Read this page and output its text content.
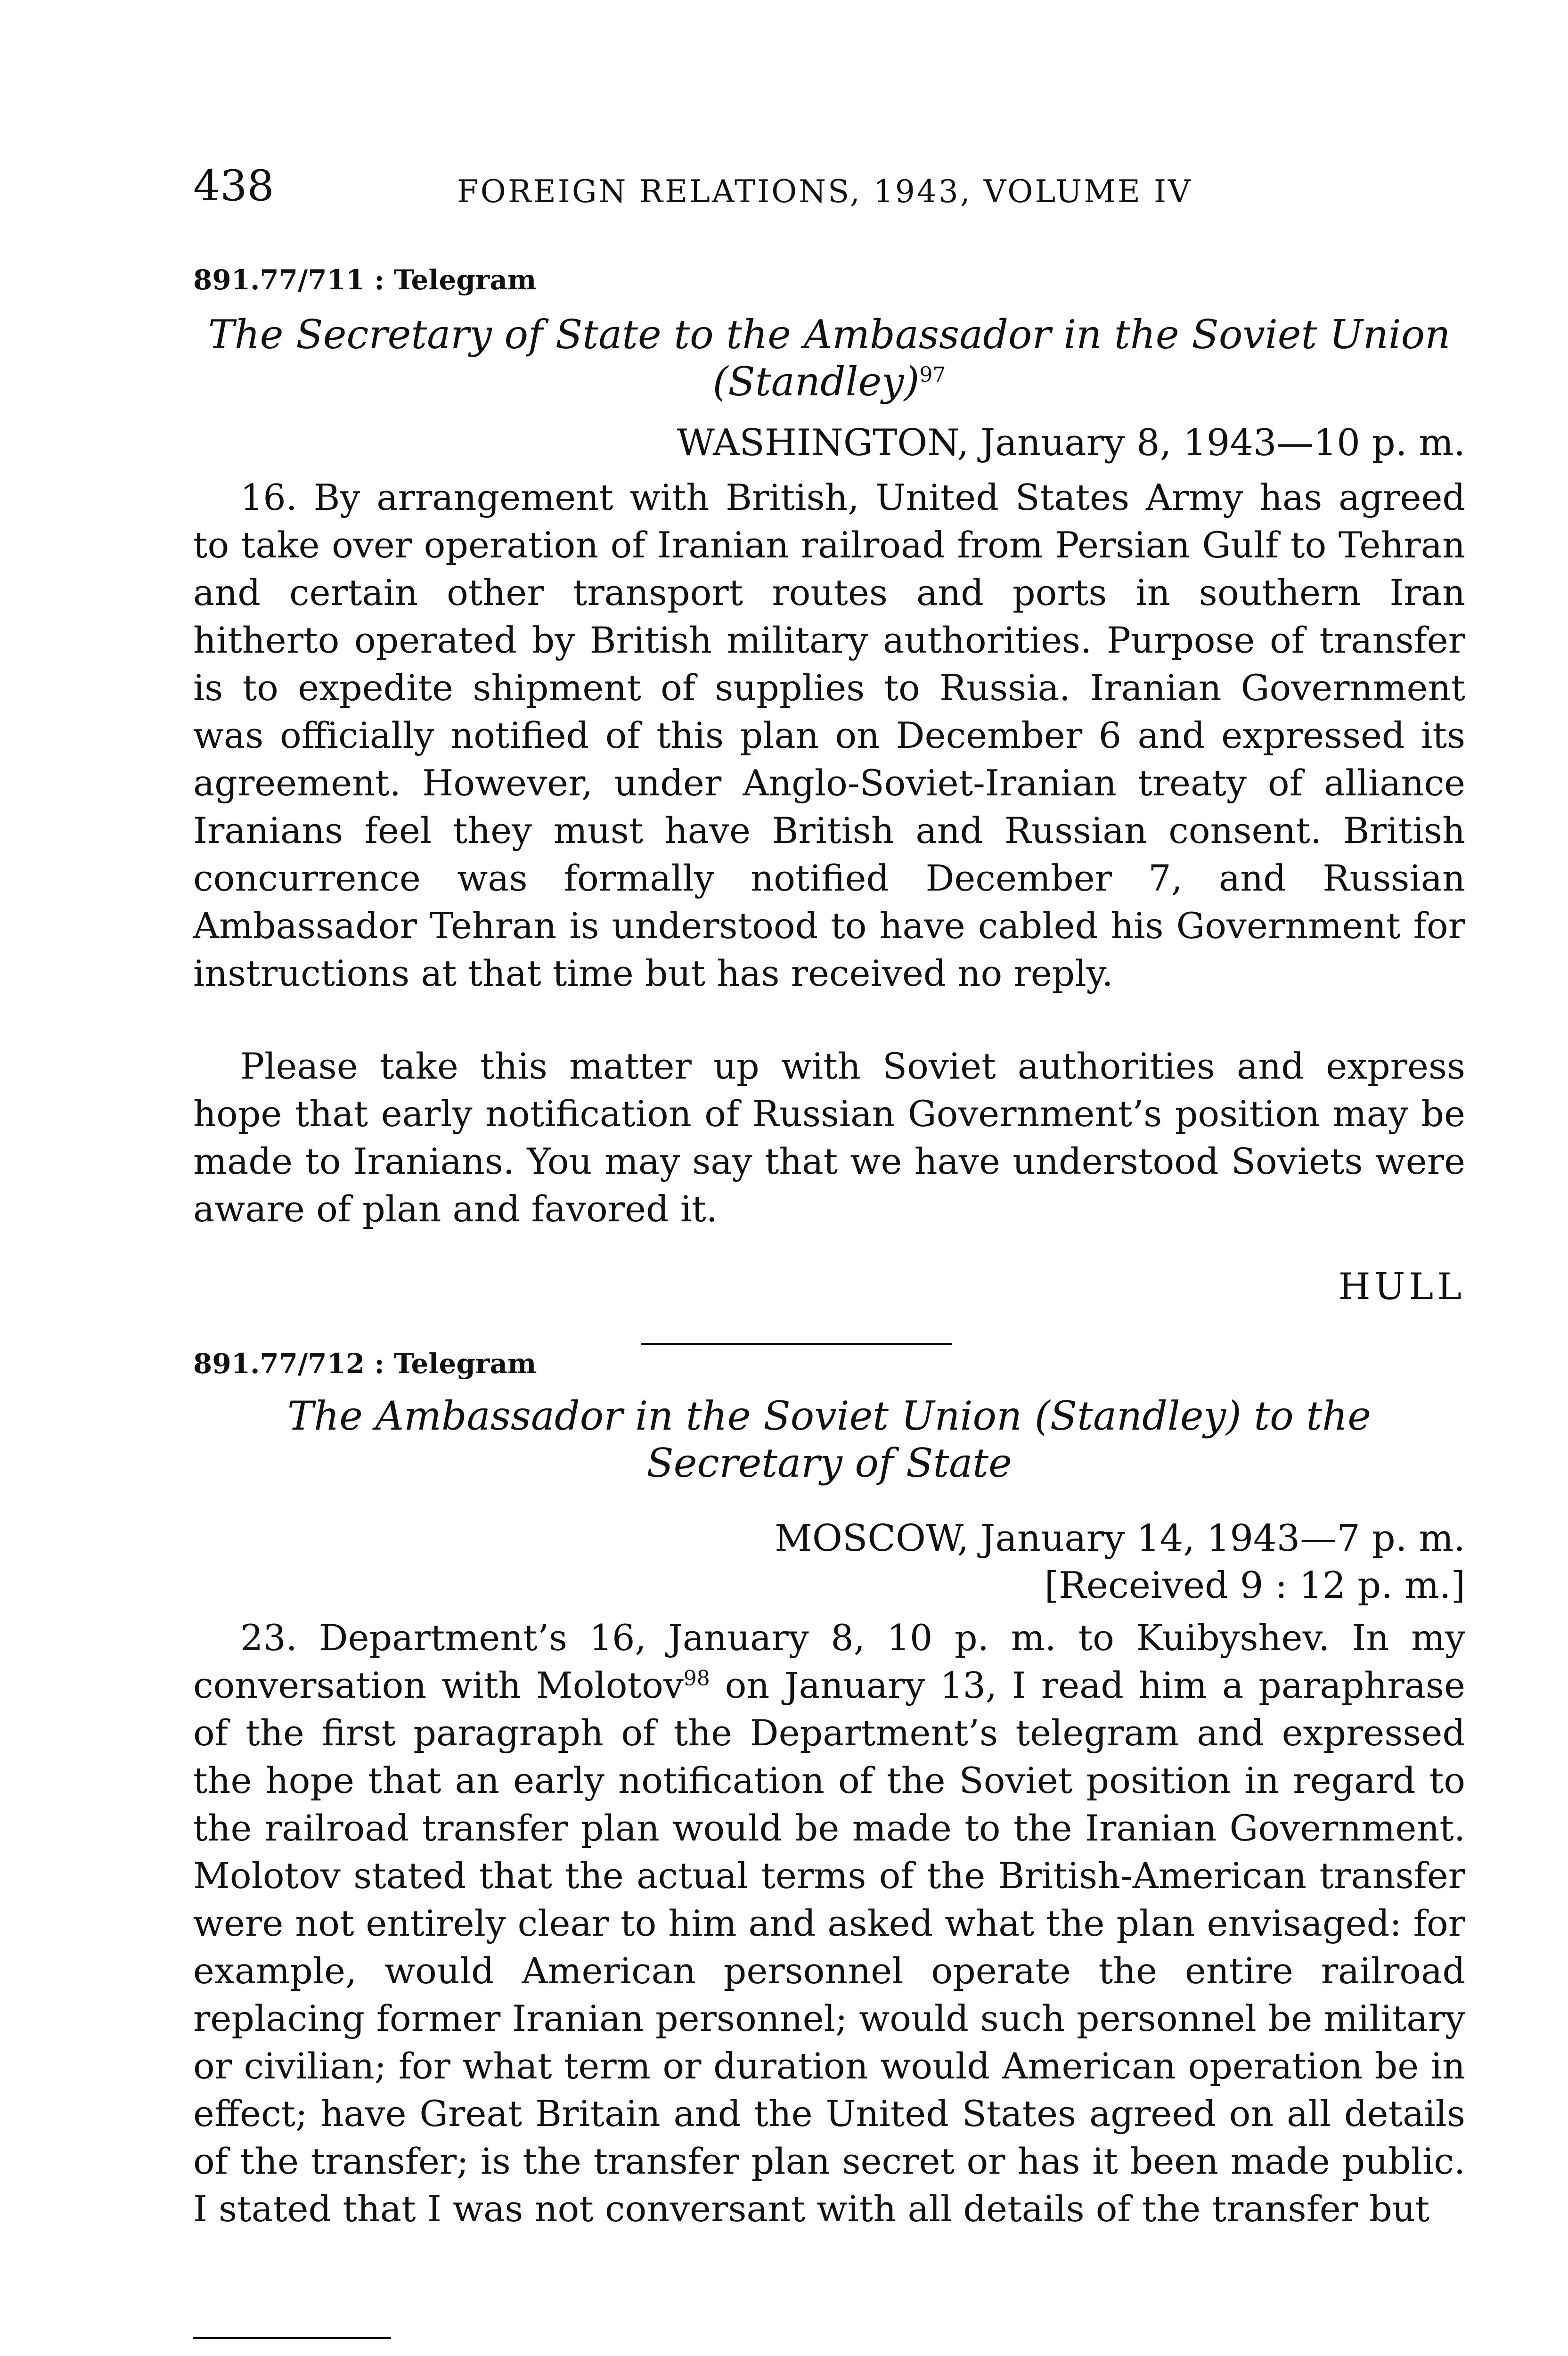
438	FOREIGN RELATIONS, 1943, VOLUME IV
891.77/711 : Telegram
The Secretary of State to the Ambassador in the Soviet Union (Standley)$^{97}$
WASHINGTON, January 8, 1943—10 p. m.

16. By arrangement with British, United States Army has agreed to take over operation of Iranian railroad from Persian Gulf to Tehran and certain other transport routes and ports in southern Iran hitherto operated by British military authorities. Purpose of transfer is to expedite shipment of supplies to Russia. Iranian Government was officially notified of this plan on December 6 and expressed its agreement. However, under Anglo-Soviet-Iranian treaty of alliance Iranians feel they must have British and Russian consent. British concurrence was formally notified December 7, and Russian Ambassador Tehran is understood to have cabled his Government for instructions at that time but has received no reply.

Please take this matter up with Soviet authorities and express hope that early notification of Russian Government’s position may be made to Iranians. You may say that we have understood Soviets were aware of plan and favored it.

HULL
891.77/712 : Telegram
The Ambassador in the Soviet Union (Standley) to the Secretary of State
MOSCOW, January 14, 1943—7 p. m.
[Received 9 : 12 p. m.]

23. Department’s 16, January 8, 10 p. m. to Kuibyshev. In my conversation with Molotov$^{98}$ on January 13, I read him a paraphrase of the first paragraph of the Department’s telegram and expressed the hope that an early notification of the Soviet position in regard to the railroad transfer plan would be made to the Iranian Government. Molotov stated that the actual terms of the British-American transfer were not entirely clear to him and asked what the plan envisaged: for example, would American personnel operate the entire railroad replacing former Iranian personnel; would such personnel be military or civilian; for what term or duration would American operation be in effect; have Great Britain and the United States agreed on all details of the transfer; is the transfer plan secret or has it been made public. I stated that I was not conversant with all details of the transfer but
